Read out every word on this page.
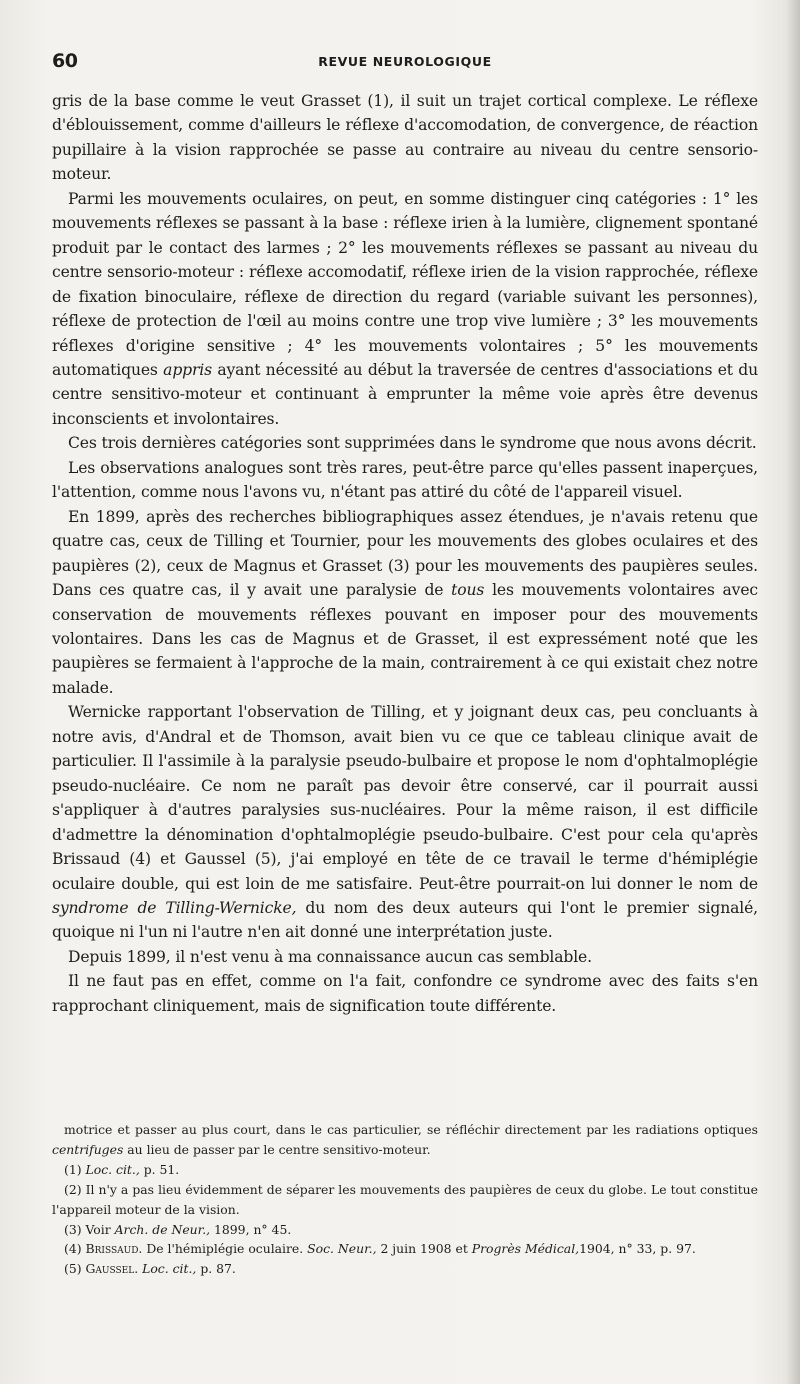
60	REVUE NEUROLOGIQUE

gris de la base comme le veut Grasset (1), il suit un trajet cortical complexe. Le réflexe d'éblouissement, comme d'ailleurs le réflexe d'accomodation, de convergence, de réaction pupillaire à la vision rapprochée se passe au contraire au niveau du centre sensorio-moteur.

Parmi les mouvements oculaires, on peut, en somme distinguer cinq catégories : 1° les mouvements réflexes se passant à la base : réflexe irien à la lumière, clignement spontané produit par le contact des larmes ; 2° les mouvements réflexes se passant au niveau du centre sensorio-moteur : réflexe accomodatif, réflexe irien de la vision rapprochée, réflexe de fixation binoculaire, réflexe de direction du regard (variable suivant les personnes), réflexe de protection de l'œil au moins contre une trop vive lumière ; 3° les mouvements réflexes d'origine sensitive ; 4° les mouvements volontaires ; 5° les mouvements automatiques appris ayant nécessité au début la traversée de centres d'associations et du centre sensitivo-moteur et continuant à emprunter la même voie après être devenus inconscients et involontaires.

Ces trois dernières catégories sont supprimées dans le syndrome que nous avons décrit.

Les observations analogues sont très rares, peut-être parce qu'elles passent inaperçues, l'attention, comme nous l'avons vu, n'étant pas attiré du côté de l'appareil visuel.

En 1899, après des recherches bibliographiques assez étendues, je n'avais retenu que quatre cas, ceux de Tilling et Tournier, pour les mouvements des globes oculaires et des paupières (2), ceux de Magnus et Grasset (3) pour les mouvements des paupières seules. Dans ces quatre cas, il y avait une paralysie de tous les mouvements volontaires avec conservation de mouvements réflexes pouvant en imposer pour des mouvements volontaires. Dans les cas de Magnus et de Grasset, il est expressément noté que les paupières se fermaient à l'approche de la main, contrairement à ce qui existait chez notre malade.

Wernicke rapportant l'observation de Tilling, et y joignant deux cas, peu concluants à notre avis, d'Andral et de Thomson, avait bien vu ce que ce tableau clinique avait de particulier. Il l'assimile à la paralysie pseudo-bulbaire et propose le nom d'ophtalmoplégie pseudo-nucléaire. Ce nom ne paraît pas devoir être conservé, car il pourrait aussi s'appliquer à d'autres paralysies sus-nucléaires. Pour la même raison, il est difficile d'admettre la dénomination d'ophtalmoplégie pseudo-bulbaire. C'est pour cela qu'après Brissaud (4) et Gaussel (5), j'ai employé en tête de ce travail le terme d'hémiplégie oculaire double, qui est loin de me satisfaire. Peut-être pourrait-on lui donner le nom de syndrome de Tilling-Wernicke, du nom des deux auteurs qui l'ont le premier signalé, quoique ni l'un ni l'autre n'en ait donné une interprétation juste.

Depuis 1899, il n'est venu à ma connaissance aucun cas semblable.

Il ne faut pas en effet, comme on l'a fait, confondre ce syndrome avec des faits s'en rapprochant cliniquement, mais de signification toute différente.

motrice et passer au plus court, dans le cas particulier, se réfléchir directement par les radiations optiques centrifuges au lieu de passer par le centre sensitivo-moteur.

(1) Loc. cit., p. 51.

(2) Il n'y a pas lieu évidemment de séparer les mouvements des paupières de ceux du globe. Le tout constitue l'appareil moteur de la vision.

(3) Voir Arch. de Neur., 1899, n° 45.

(4) Brissaud. De l'hémiplégie oculaire. Soc. Neur., 2 juin 1908 et Progrès Médical,1904, n° 33, p. 97.

(5) Gaussel. Loc. cit., p. 87.
